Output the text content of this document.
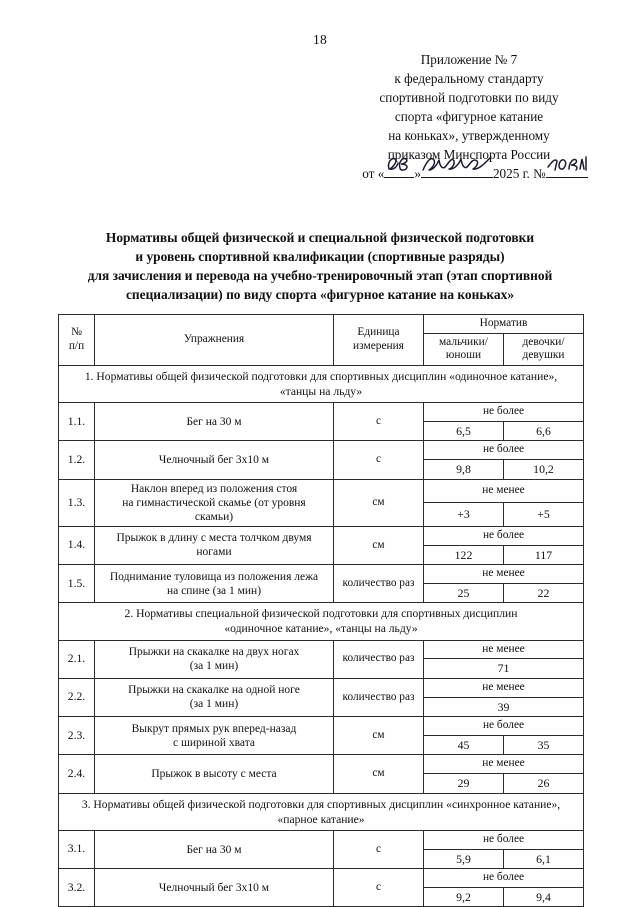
18
Приложение № 7
к федеральному стандарту
спортивной подготовки по виду
спорта «фигурное катание
на коньках», утвержденному
приказом Минспорта России
от « »	2025 г. №
Нормативы общей физической и специальной физической подготовки
и уровень спортивной квалификации (спортивные разряды)
для зачисления и перевода на учебно-тренировочный этап (этап спортивной
специализации) по виду спорта «фигурное катание на коньках»
№
п/п
	Упражнения	
Единица
измерения
	Норматив

мальчики/
юноши

девочки/
девушки

1. Нормативы общей физической подготовки для спортивных дисциплин «одиночное катание»,
«танцы на льду»				

1.1.	Бег на 30 м	с	не более	
			6,5	6,6
1.2.	Челночный бег 3х10 м	с	не более	
			9,8	10,2
1.3.	Наклон вперед из положения стоя
на гимнастической скамье (от уровня
скамьи)	см	не менее	
			+3	+5
1.4.	Прыжок в длину с места толчком двумя
ногами	см	не более	
			122	117
1.5.	Поднимание туловища из положения лежа
на спине (за 1 мин)	количество раз	не менее	
			25	22

2. Нормативы специальной физической подготовки для спортивных дисциплин
«одиночное катание», «танцы на льду»				

2.1.	Прыжки на скакалке на двух ногах
(за 1 мин)	количество раз	не менее	
			71	
2.2.	Прыжки на скакалке на одной ноге
(за 1 мин)	количество раз	не менее	
			39	
2.3.	Выкрут прямых рук вперед-назад
с шириной хвата	см	не более	
			45	35
2.4.	Прыжок в высоту с места	см	не менее	
			29	26

3. Нормативы общей физической подготовки для спортивных дисциплин «синхронное катание»,
«парное катание»				

3.1.	Бег на 30 м	с	не более	
			5,9	6,1
3.2.	Челночный бег 3х10 м	с	не более	
			9,2	9,4
